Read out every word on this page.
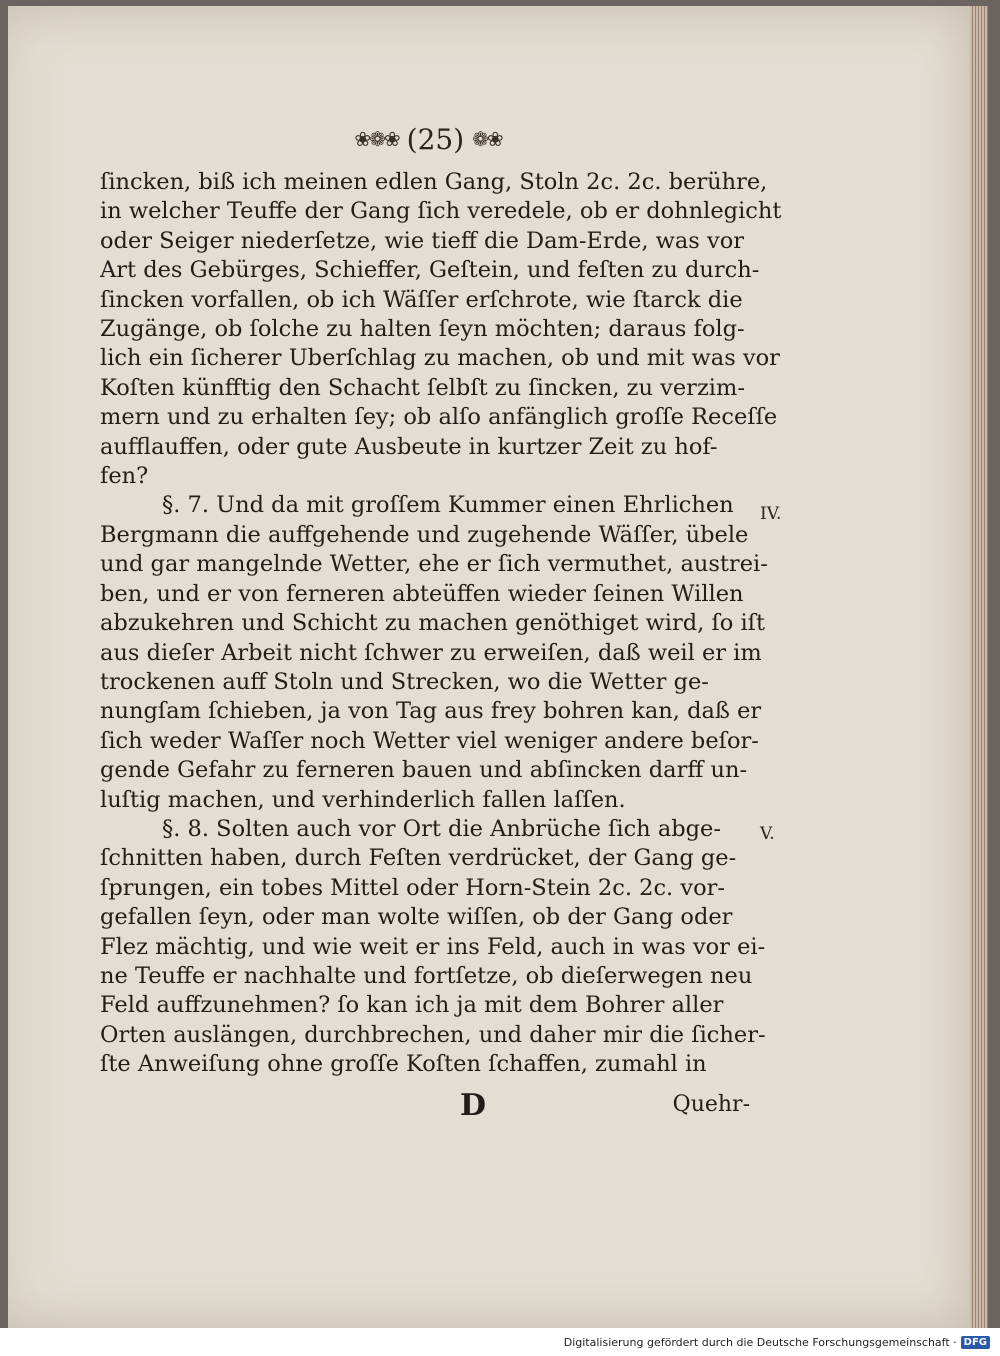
❀❁❀ (25) ❁❀
ſincken, biß ich meinen edlen Gang, Stoln 2c. 2c. berühre,
in welcher Teuffe der Gang ſich veredele, ob er dohnlegicht
oder Seiger niederſetze, wie tieff die Dam-Erde, was vor
Art des Gebürges, Schieffer, Geſtein, und feſten zu durch-
ſincken vorfallen, ob ich Wäſſer erſchrote, wie ſtarck die
Zugänge, ob ſolche zu halten ſeyn möchten; daraus folg-
lich ein ſicherer Uberſchlag zu machen, ob und mit was vor
Koſten künfftig den Schacht ſelbſt zu ſincken, zu verzim-
mern und zu erhalten ſey; ob alſo anfänglich groſſe Receſſe
aufflauffen, oder gute Ausbeute in kurtzer Zeit zu hof-
fen?
§. 7. Und da mit groſſem Kummer einen Ehrlichen
Bergmann die auffgehende und zugehende Wäſſer, übele
und gar mangelnde Wetter, ehe er ſich vermuthet, austrei-
ben, und er von ferneren abteüffen wieder ſeinen Willen
abzukehren und Schicht zu machen genöthiget wird, ſo iſt
aus dieſer Arbeit nicht ſchwer zu erweiſen, daß weil er im
trockenen auff Stoln und Strecken, wo die Wetter ge-
nungſam ſchieben, ja von Tag aus frey bohren kan, daß er
ſich weder Waſſer noch Wetter viel weniger andere beſor-
gende Gefahr zu ferneren bauen und abſincken darff un-
luſtig machen, und verhinderlich fallen laſſen.
§. 8. Solten auch vor Ort die Anbrüche ſich abge-
ſchnitten haben, durch Feſten verdrücket, der Gang ge-
ſprungen, ein tobes Mittel oder Horn-Stein 2c. 2c. vor-
gefallen ſeyn, oder man wolte wiſſen, ob der Gang oder
Flez mächtig, und wie weit er ins Feld, auch in was vor ei-
ne Teuffe er nachhalte und fortſetze, ob dieſerwegen neu
Feld auffzunehmen? ſo kan ich ja mit dem Bohrer aller
Orten auslängen, durchbrechen, und daher mir die ſicher-
ſte Anweiſung ohne groſſe Koſten ſchaffen, zumahl in
IV.
V.
D	Quehr-
Digitalisierung gefördert durch die Deutsche Forschungsgemeinschaft · DFG
